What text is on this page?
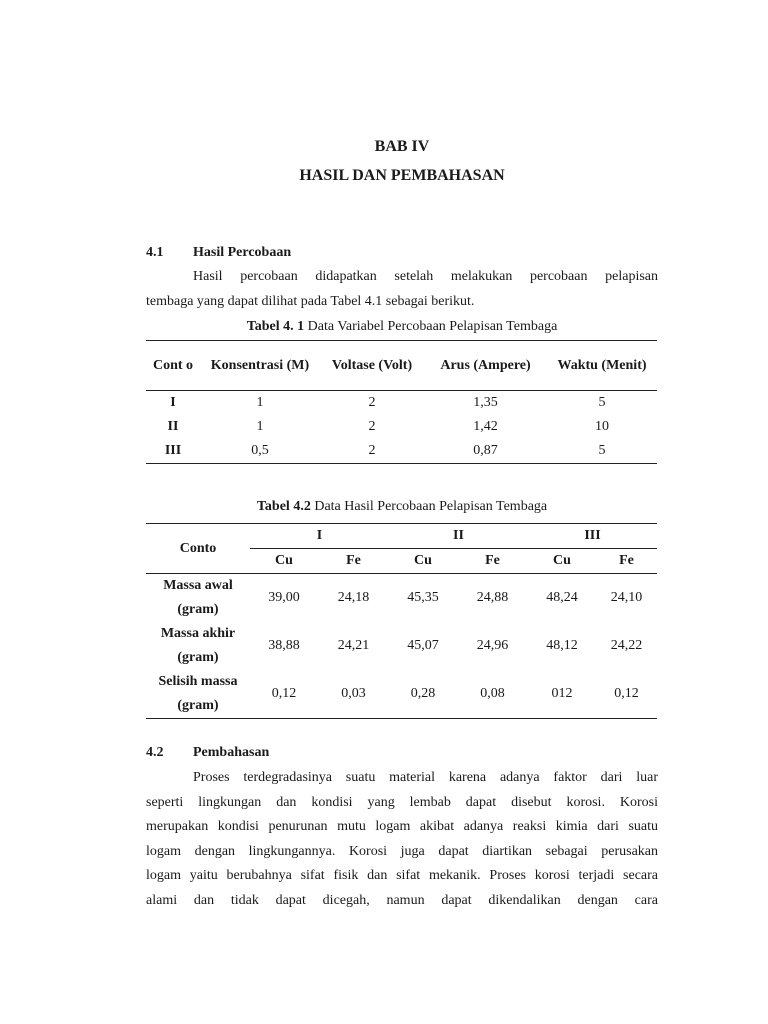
BAB IV
HASIL DAN PEMBAHASAN
4.1 Hasil Percobaan

Hasil percobaan didapatkan setelah melakukan percobaan pelapisan

tembaga yang dapat dilihat pada Tabel 4.1 sebagai berikut.

Tabel 4. 1 Data Variabel Percobaan Pelapisan Tembaga
Cont o	Konsentrasi (M)	Voltase (Volt)	Arus (Ampere)	Waktu (Menit)
I	1	2	1,35	5
II	1	2	1,42	10
III	0,5	2	0,87	5
Tabel 4.2 Data Hasil Percobaan Pelapisan Tembaga
Conto	I		II		III	
	Cu	Fe	Cu	Fe	Cu	Fe
Massa awal (gram)	39,00	24,18	45,35	24,88	48,24	24,10
Massa akhir (gram)	38,88	24,21	45,07	24,96	48,12	24,22
Selisih massa (gram)	0,12	0,03	0,28	0,08	012	0,12
4.2 Pembahasan

Proses terdegradasinya suatu material karena adanya faktor dari luar

seperti lingkungan dan kondisi yang lembab dapat disebut korosi. Korosi

merupakan kondisi penurunan mutu logam akibat adanya reaksi kimia dari suatu

logam dengan lingkungannya. Korosi juga dapat diartikan sebagai perusakan

logam yaitu berubahnya sifat fisik dan sifat mekanik. Proses korosi terjadi secara

alami dan tidak dapat dicegah, namun dapat dikendalikan dengan cara
